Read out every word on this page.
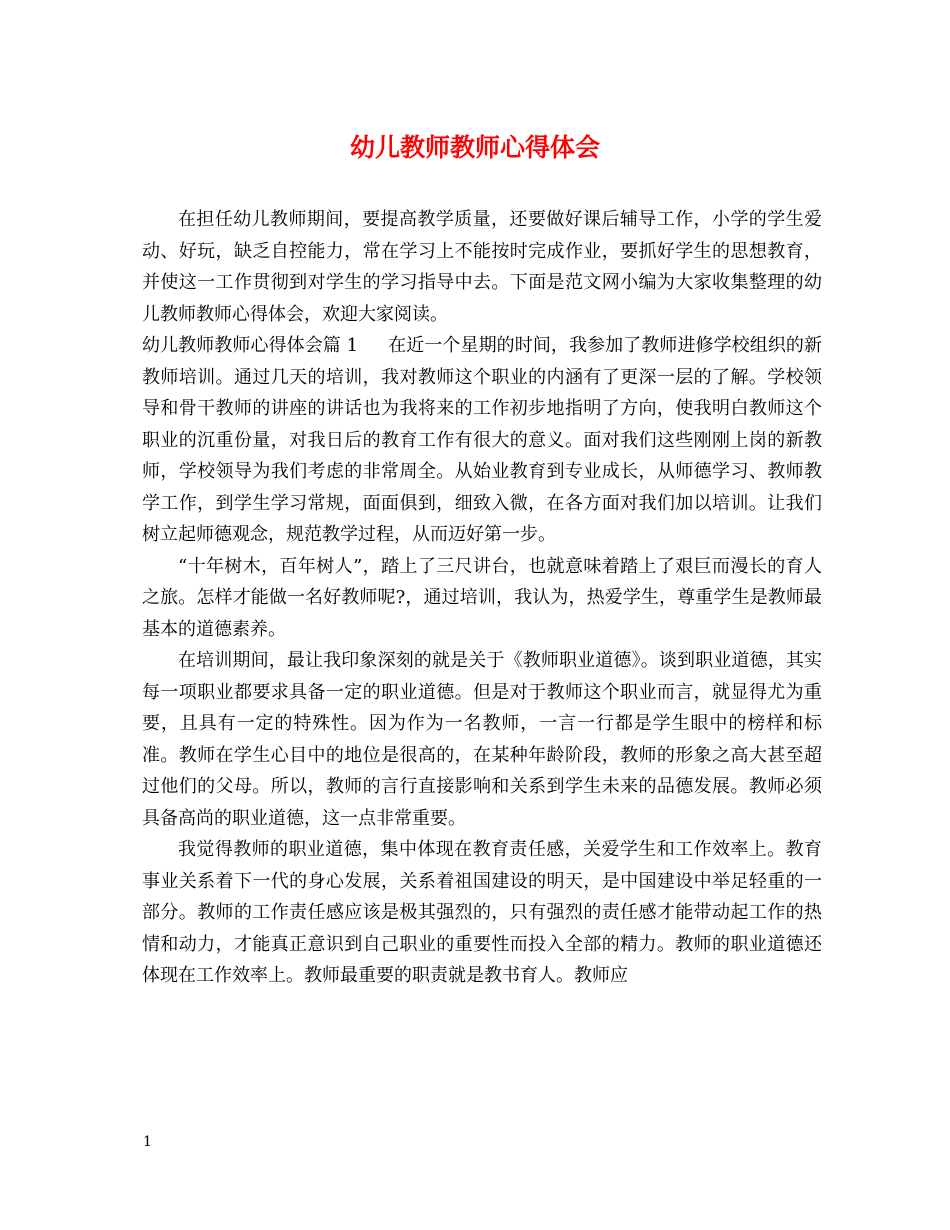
幼儿教师教师心得体会

在担任幼儿教师期间，要提高教学质量，还要做好课后辅导工作，小学的学生爱动、好玩，缺乏自控能力，常在学习上不能按时完成作业，要抓好学生的思想教育，并使这一工作贯彻到对学生的学习指导中去。下面是范文网小编为大家收集整理的幼儿教师教师心得体会，欢迎大家阅读。

幼儿教师教师心得体会篇 1 在近一个星期的时间，我参加了教师进修学校组织的新教师培训。通过几天的培训，我对教师这个职业的内涵有了更深一层的了解。学校领导和骨干教师的讲座的讲话也为我将来的工作初步地指明了方向，使我明白教师这个职业的沉重份量，对我日后的教育工作有很大的意义。面对我们这些刚刚上岗的新教师，学校领导为我们考虑的非常周全。从始业教育到专业成长，从师德学习、教师教学工作，到学生学习常规，面面俱到，细致入微，在各方面对我们加以培训。让我们树立起师德观念，规范教学过程，从而迈好第一步。

“十年树木，百年树人”，踏上了三尺讲台，也就意味着踏上了艰巨而漫长的育人之旅。怎样才能做一名好教师呢?，通过培训，我认为，热爱学生，尊重学生是教师最基本的道德素养。

在培训期间，最让我印象深刻的就是关于《教师职业道德》。谈到职业道德，其实每一项职业都要求具备一定的职业道德。但是对于教师这个职业而言，就显得尤为重要，且具有一定的特殊性。因为作为一名教师，一言一行都是学生眼中的榜样和标准。教师在学生心目中的地位是很高的，在某种年龄阶段，教师的形象之高大甚至超过他们的父母。所以，教师的言行直接影响和关系到学生未来的品德发展。教师必须具备高尚的职业道德，这一点非常重要。

我觉得教师的职业道德，集中体现在教育责任感，关爱学生和工作效率上。教育事业关系着下一代的身心发展，关系着祖国建设的明天，是中国建设中举足轻重的一部分。教师的工作责任感应该是极其强烈的，只有强烈的责任感才能带动起工作的热情和动力，才能真正意识到自己职业的重要性而投入全部的精力。教师的职业道德还体现在工作效率上。教师最重要的职责就是教书育人。教师应

1
